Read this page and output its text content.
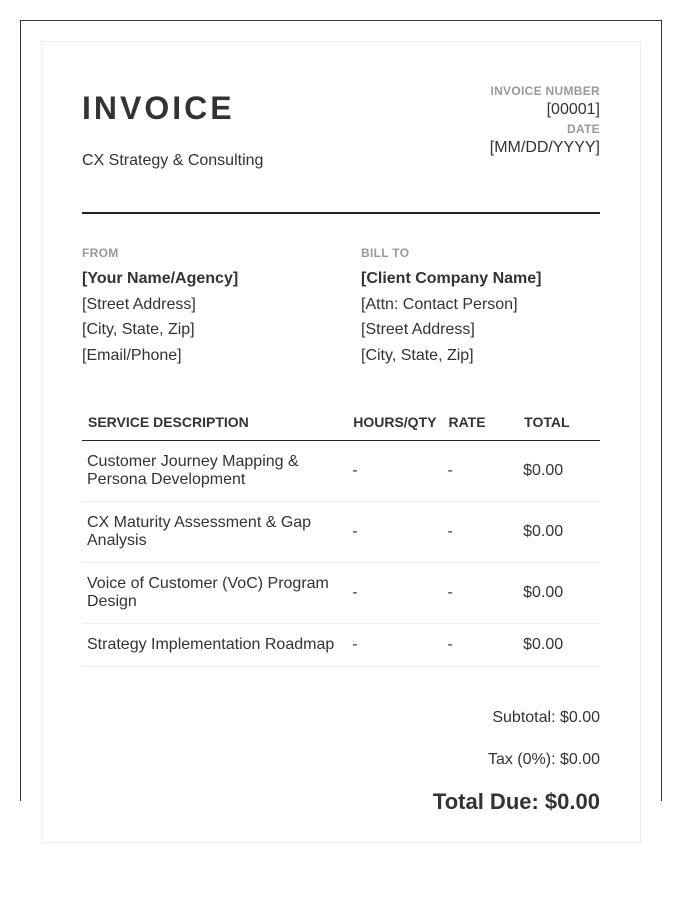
INVOICE
CX Strategy & Consulting
INVOICE NUMBER
[00001]
DATE
[MM/DD/YYYY]
FROM
[Your Name/Agency]
[Street Address]
[City, State, Zip]
[Email/Phone]
BILL TO
[Client Company Name]
[Attn: Contact Person]
[Street Address]
[City, State, Zip]
SERVICE DESCRIPTION	HOURS/QTY	RATE	TOTAL
Customer Journey Mapping & Persona Development	-	-	$0.00
CX Maturity Assessment & Gap Analysis	-	-	$0.00
Voice of Customer (VoC) Program Design	-	-	$0.00
Strategy Implementation Roadmap	-	-	$0.00
Subtotal: $0.00
Tax (0%): $0.00
Total Due: $0.00
